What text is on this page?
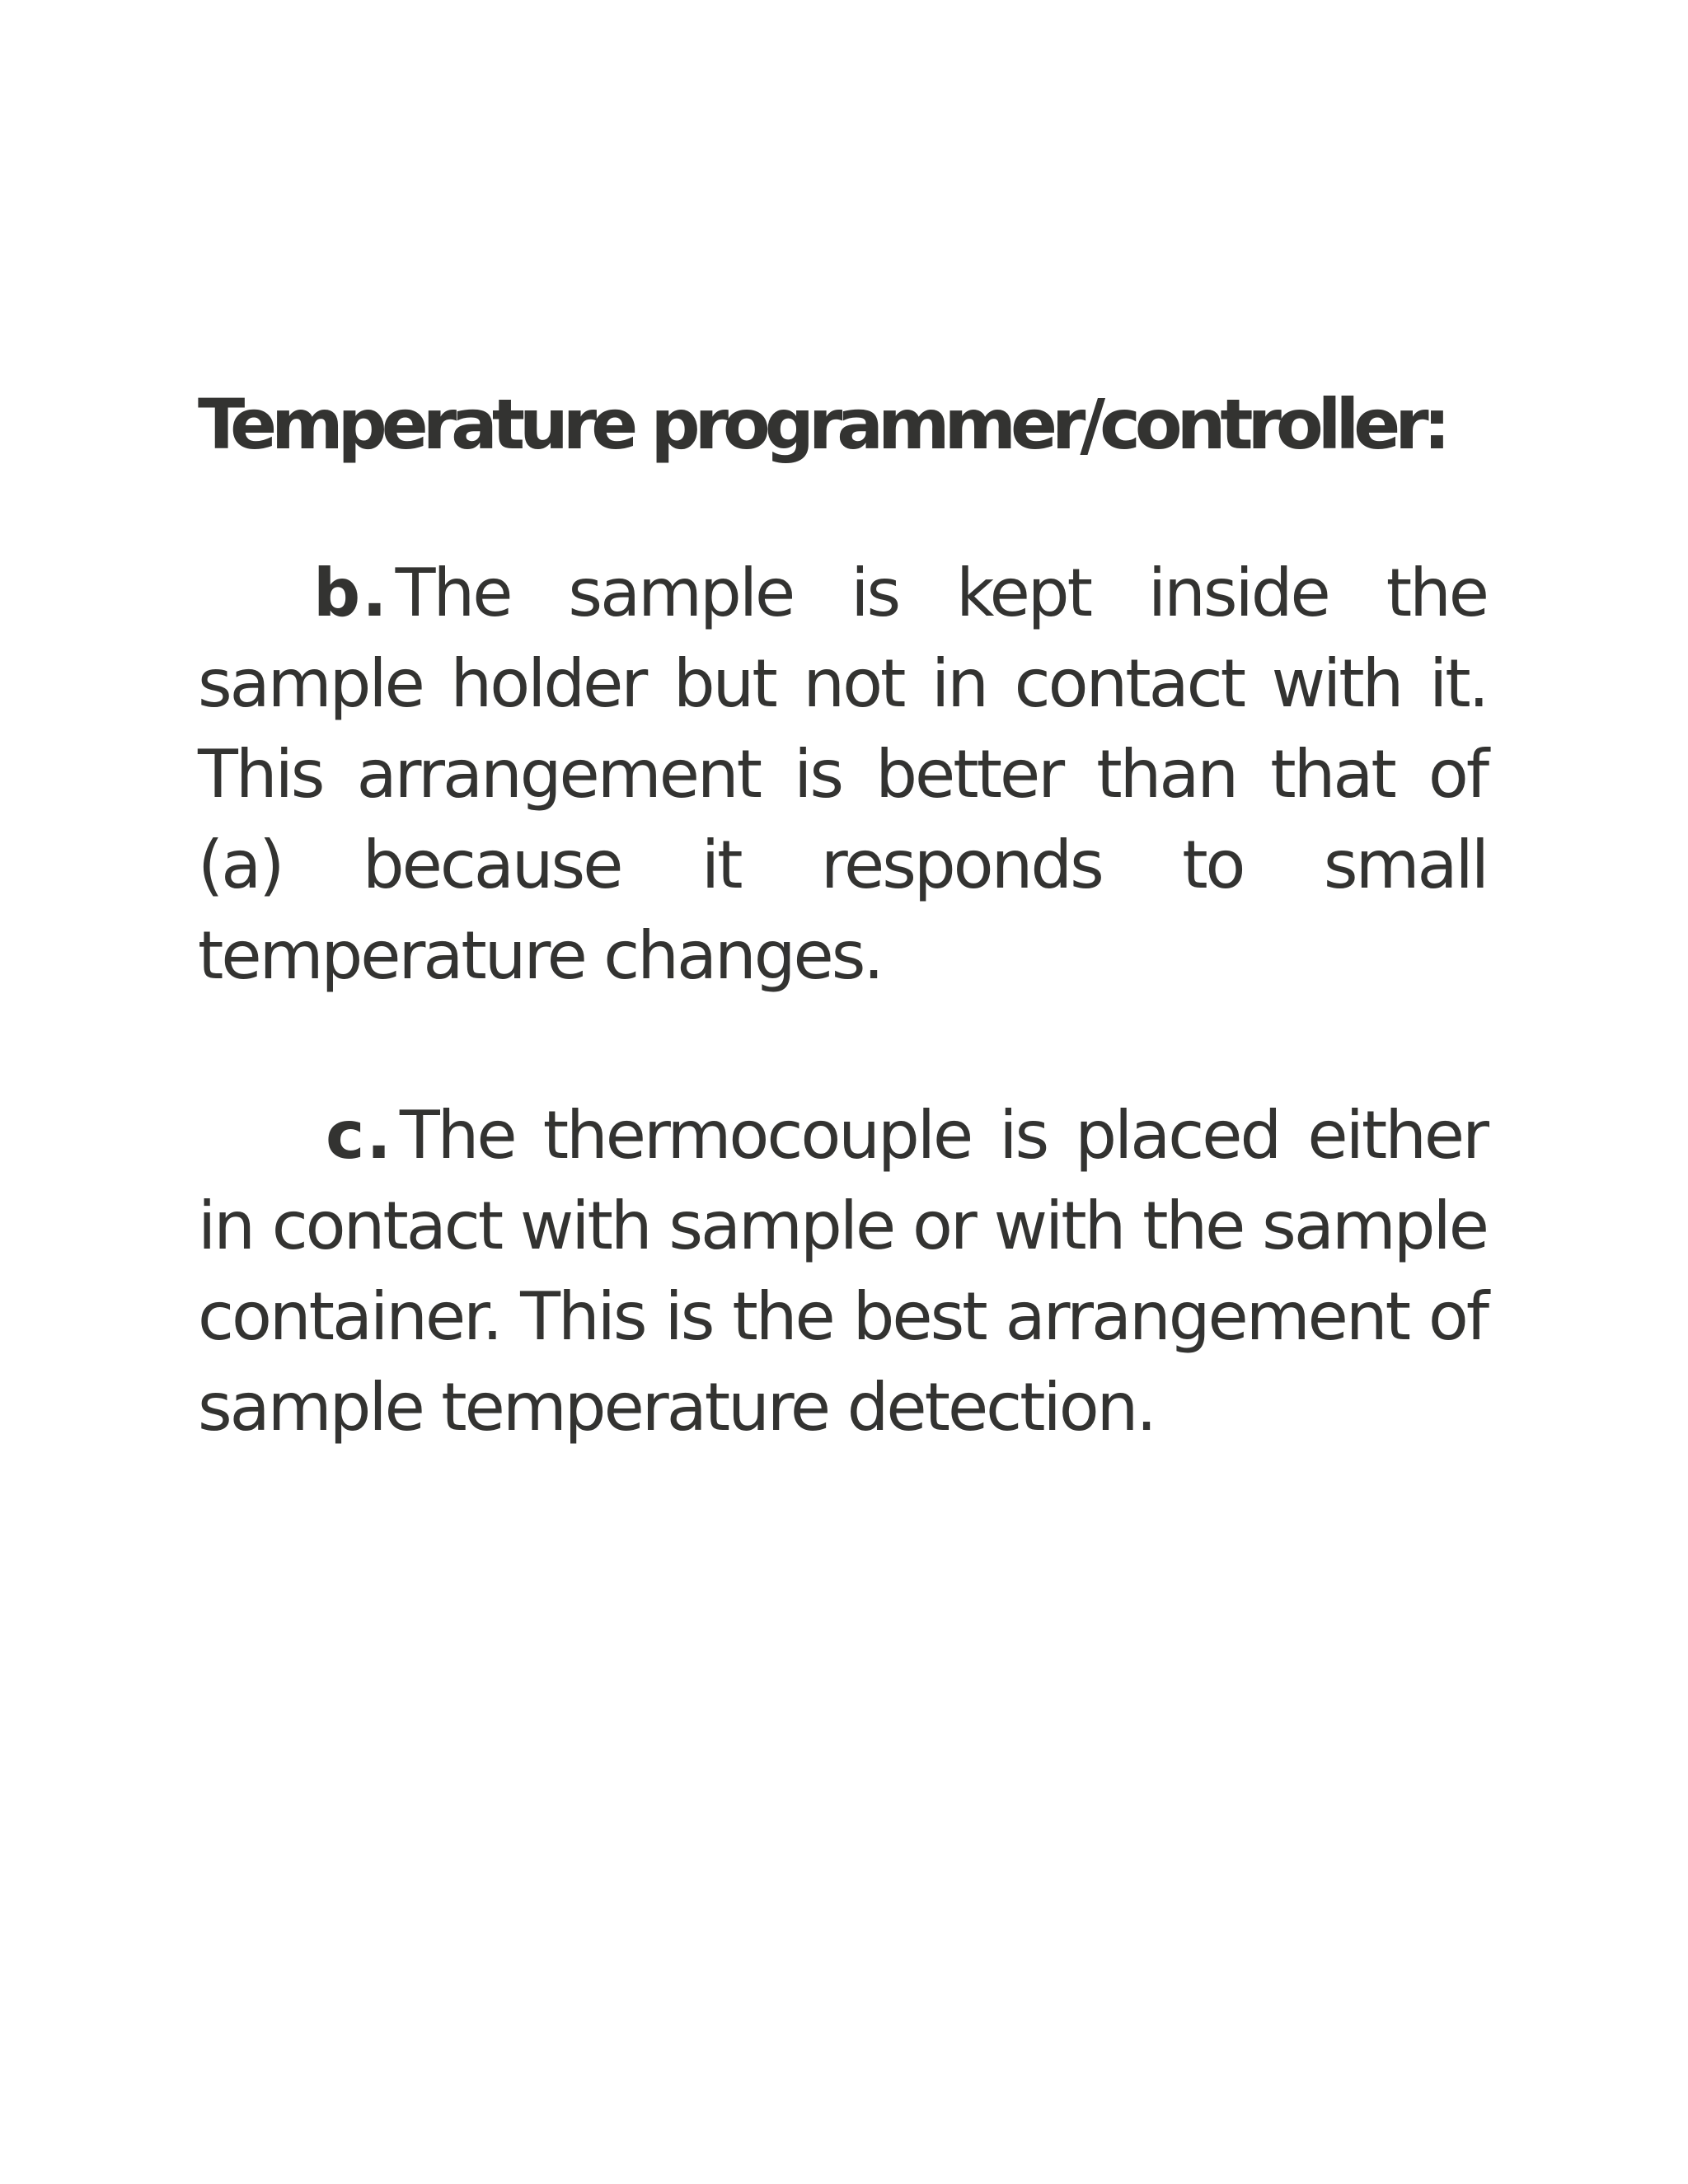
Temperature programmer/controller:

b. The sample is kept inside the sample holder but not in contact with it. This arrangement is better than that of (a) because it responds to small temperature changes.

c. The thermocouple is placed either in contact with sample or with the sample container. This is the best arrangement of sample temperature detection.
